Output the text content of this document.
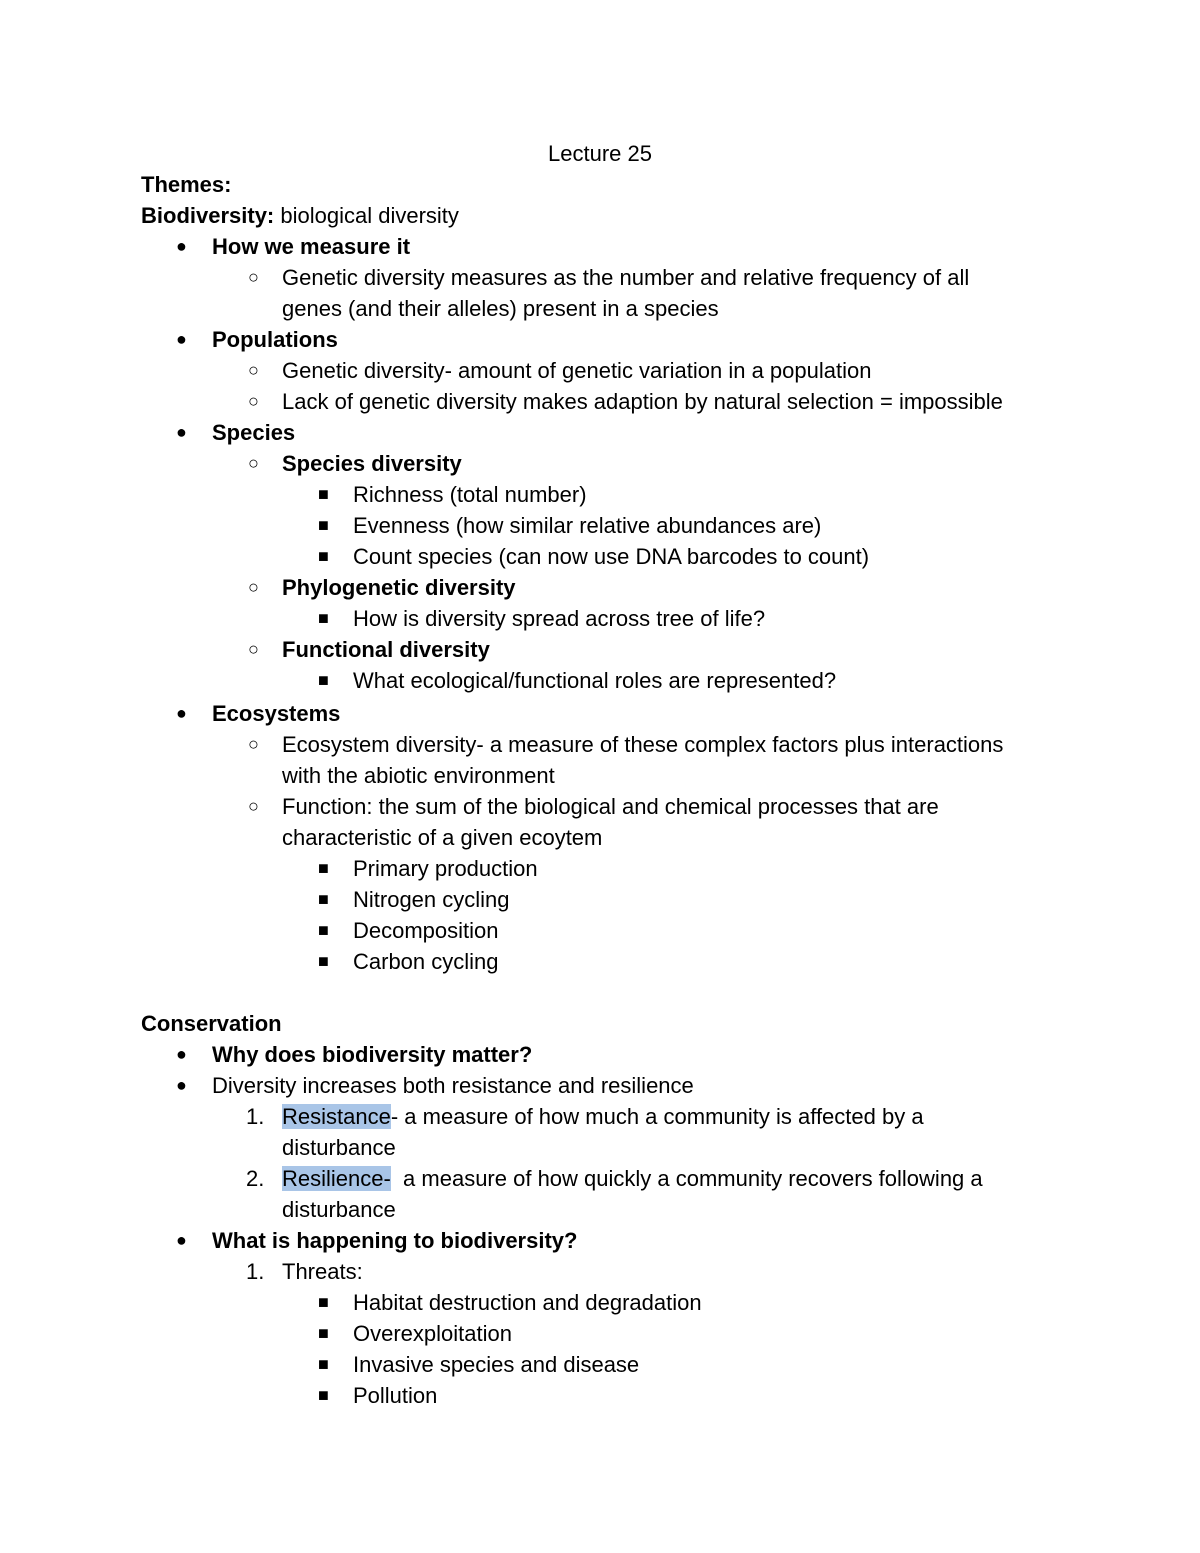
Lecture 25
Themes:
Biodiversity: biological diversity
● How we measure it
○ Genetic diversity measures as the number and relative frequency of all
genes (and their alleles) present in a species
● Populations
○ Genetic diversity- amount of genetic variation in a population
○ Lack of genetic diversity makes adaption by natural selection = impossible
● Species
○ Species diversity
■ Richness (total number)
■ Evenness (how similar relative abundances are)
■ Count species (can now use DNA barcodes to count)
○ Phylogenetic diversity
■ How is diversity spread across tree of life?
○ Functional diversity
■ What ecological/functional roles are represented?
● Ecosystems
○ Ecosystem diversity- a measure of these complex factors plus interactions
with the abiotic environment
○ Function: the sum of the biological and chemical processes that are
characteristic of a given ecoytem
■ Primary production
■ Nitrogen cycling
■ Decomposition
■ Carbon cycling
Conservation
● Why does biodiversity matter?
● Diversity increases both resistance and resilience
1. Resistance- a measure of how much a community is affected by a
disturbance
2. Resilience-  a measure of how quickly a community recovers following a
disturbance
● What is happening to biodiversity?
1. Threats:
■ Habitat destruction and degradation
■ Overexploitation
■ Invasive species and disease
■ Pollution
